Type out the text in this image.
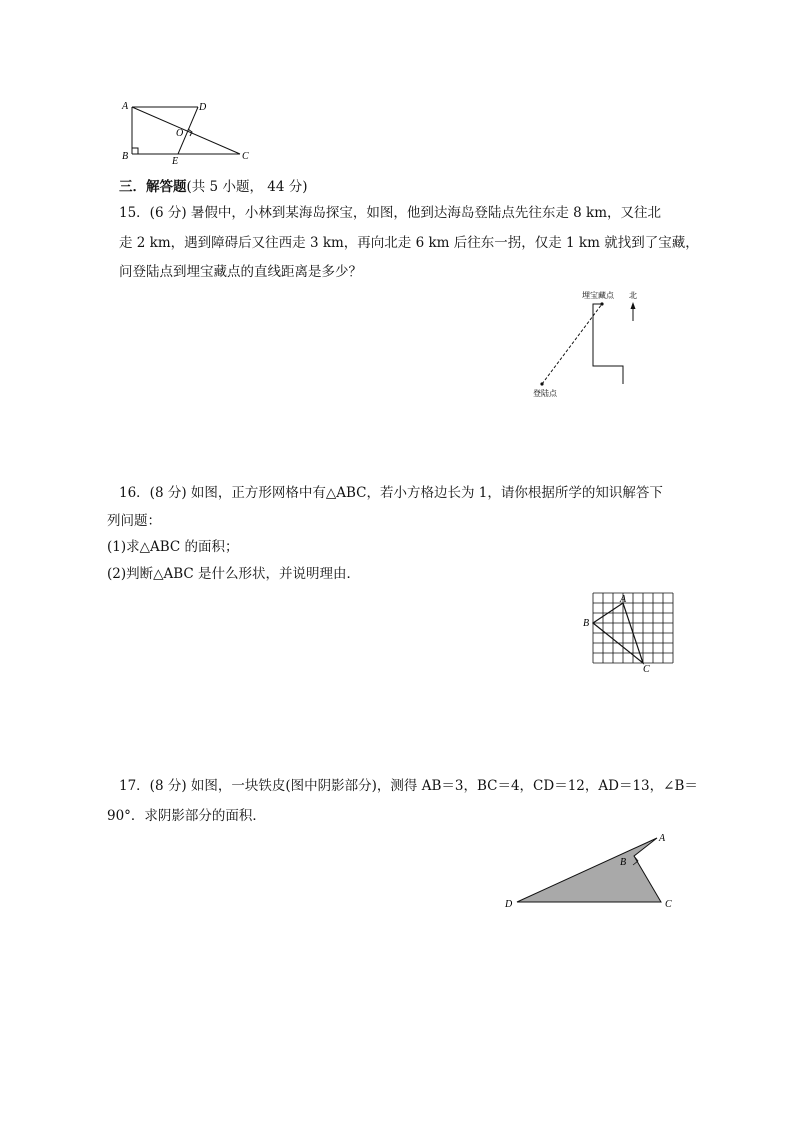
A	D
O
B	E	C
三．解答题(共 5 小题， 44 分)
15．(6 分) 暑假中，小林到某海岛探宝，如图，他到达海岛登陆点先往东走 8 km，又往北
走 2 km，遇到障碍后又往西走 3 km，再向北走 6 km 后往东一拐，仅走 1 km 就找到了宝藏，
问登陆点到埋宝藏点的直线距离是多少？
埋宝藏点 北
登陆点
16．(8 分) 如图，正方形网格中有△ABC，若小方格边长为 1，请你根据所学的知识解答下
列问题：
(1)求△ABC 的面积；
(2)判断△ABC 是什么形状，并说明理由．
A
B
C
17．(8 分) 如图，一块铁皮(图中阴影部分)，测得 AB＝3，BC＝4，CD＝12，AD＝13，∠B＝
90°．求阴影部分的面积．
A
B
C
D
